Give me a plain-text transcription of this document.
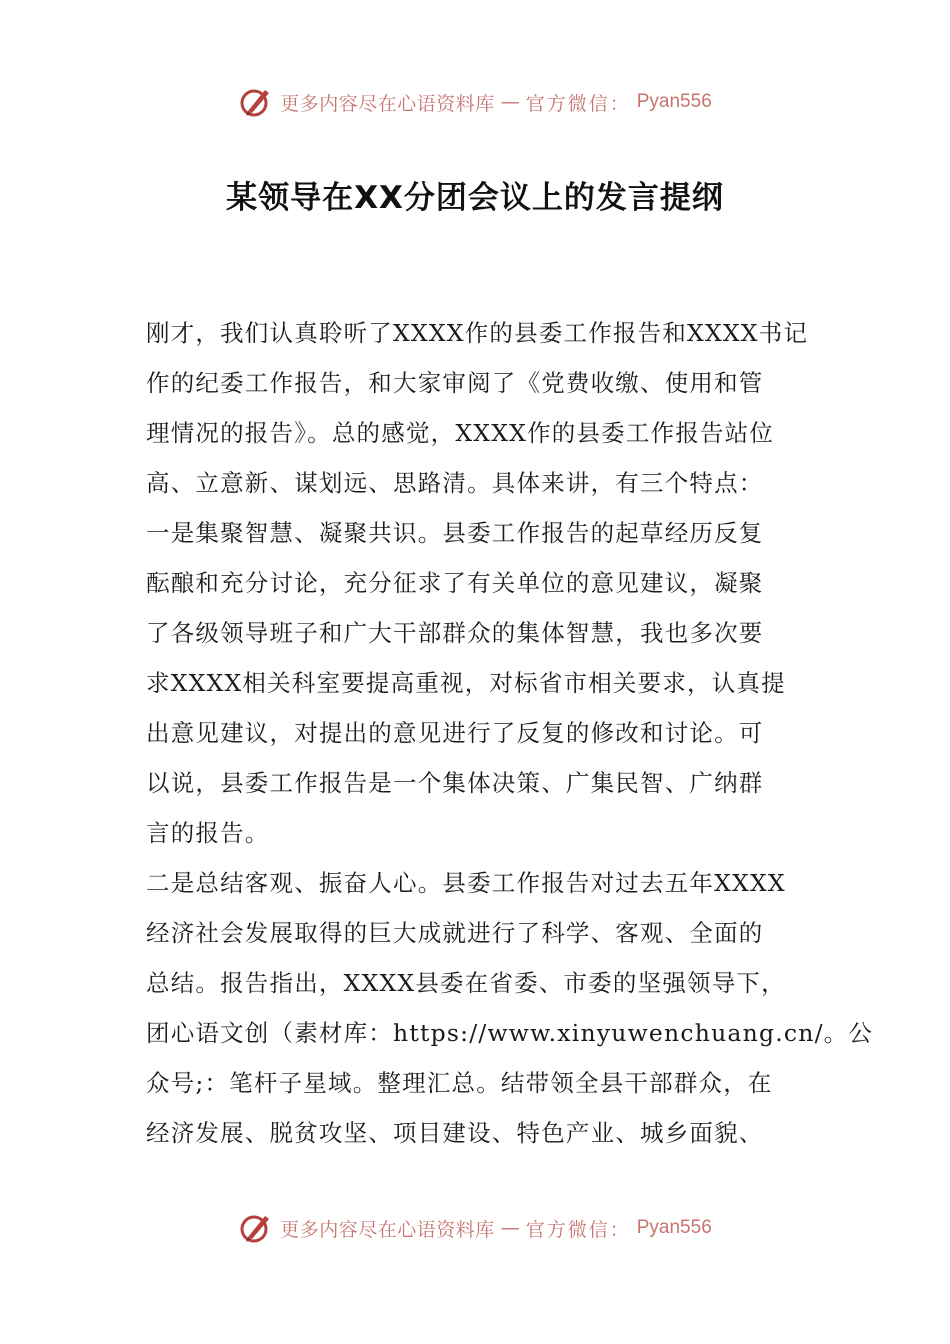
更多内容尽在心语资料库 — 官方微信： Pyan556
某领导在XX分团会议上的发言提纲
刚才，我们认真聆听了XXXX作的县委工作报告和XXXX书记
作的纪委工作报告，和大家审阅了《党费收缴、使用和管
理情况的报告》。总的感觉，XXXX作的县委工作报告站位
高、立意新、谋划远、思路清。具体来讲，有三个特点：
一是集聚智慧、凝聚共识。县委工作报告的起草经历反复
酝酿和充分讨论，充分征求了有关单位的意见建议，凝聚
了各级领导班子和广大干部群众的集体智慧，我也多次要
求XXXX相关科室要提高重视，对标省市相关要求，认真提
出意见建议，对提出的意见进行了反复的修改和讨论。可
以说，县委工作报告是一个集体决策、广集民智、广纳群
言的报告。
二是总结客观、振奋人心。县委工作报告对过去五年XXXX
经济社会发展取得的巨大成就进行了科学、客观、全面的
总结。报告指出，XXXX县委在省委、市委的坚强领导下，
团心语文创（素材库：https://www.xinyuwenchuang.cn/。公
众号;：笔杆子星域。整理汇总。结带领全县干部群众，在
经济发展、脱贫攻坚、项目建设、特色产业、城乡面貌、
更多内容尽在心语资料库 — 官方微信： Pyan556
